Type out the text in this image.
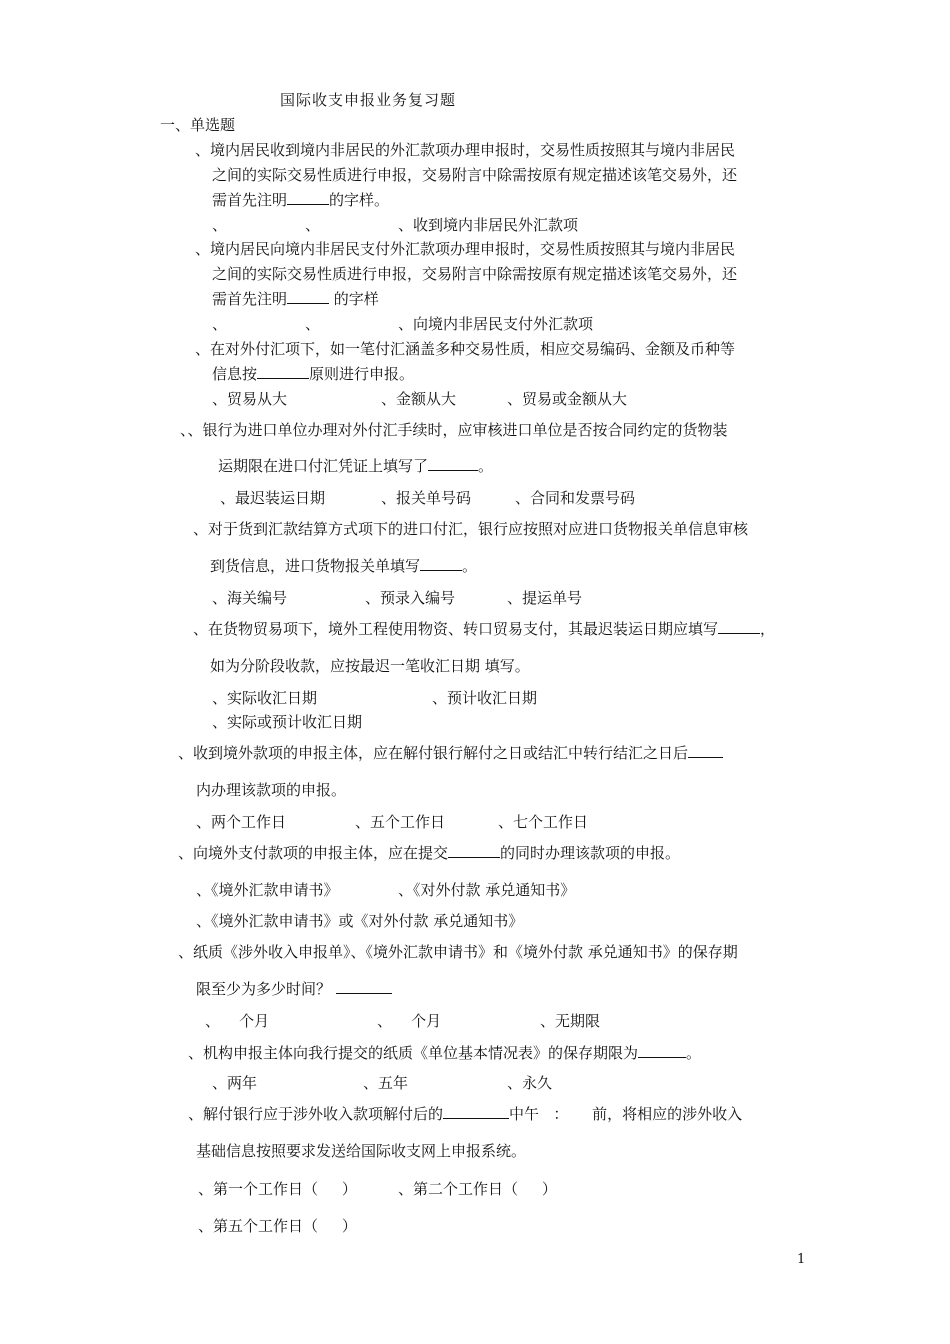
国际收支申报业务复习题
一、单选题
、境内居民收到境内非居民的外汇款项办理申报时，交易性质按照其与境内非居民
之间的实际交易性质进行申报，交易附言中除需按原有规定描述该笔交易外，还
需首先注明	的字样。
、	、	、收到境内非居民外汇款项
、境内居民向境内非居民支付外汇款项办理申报时，交易性质按照其与境内非居民
之间的实际交易性质进行申报，交易附言中除需按原有规定描述该笔交易外，还
需首先注明	的字样
、	、	、向境内非居民支付外汇款项
、在对外付汇项下，如一笔付汇涵盖多种交易性质，相应交易编码、金额及币种等
信息按	原则进行申报。
、贸易从大	、金额从大	、贸易或金额从大
、、银行为进口单位办理对外付汇手续时，应审核进口单位是否按合同约定的货物装
运期限在进口付汇凭证上填写了	。
、最迟装运日期	、报关单号码	、合同和发票号码
、对于货到汇款结算方式项下的进口付汇，银行应按照对应进口货物报关单信息审核
到货信息，进口货物报关单填写	。
、海关编号	、预录入编号	、提运单号
、在货物贸易项下，境外工程使用物资、转口贸易支付，其最迟装运日期应填写	，
如为分阶段收款，应按最迟一笔收汇日期 填写。
、实际收汇日期	、预计收汇日期
、实际或预计收汇日期
、收到境外款项的申报主体，应在解付银行解付之日或结汇中转行结汇之日后
内办理该款项的申报。
、两个工作日	、五个工作日	、七个工作日
、向境外支付款项的申报主体，应在提交	的同时办理该款项的申报。
、《境外汇款申请书》	、《对外付款 承兑通知书》
、《境外汇款申请书》或《对外付款 承兑通知书》
、纸质《涉外收入申报单》、《境外汇款申请书》和《境外付款 承兑通知书》的保存期
限至少为多少时间？
、    个月	、    个月	、无期限
、机构申报主体向我行提交的纸质《单位基本情况表》的保存期限为	。
、两年	、五年	、永久
、解付银行应于涉外收入款项解付后的	中午   ：     前，将相应的涉外收入
基础信息按照要求发送给国际收支网上申报系统。
、第一个工作日（     ）	、第二个工作日（     ）
、第五个工作日（     ）
1
